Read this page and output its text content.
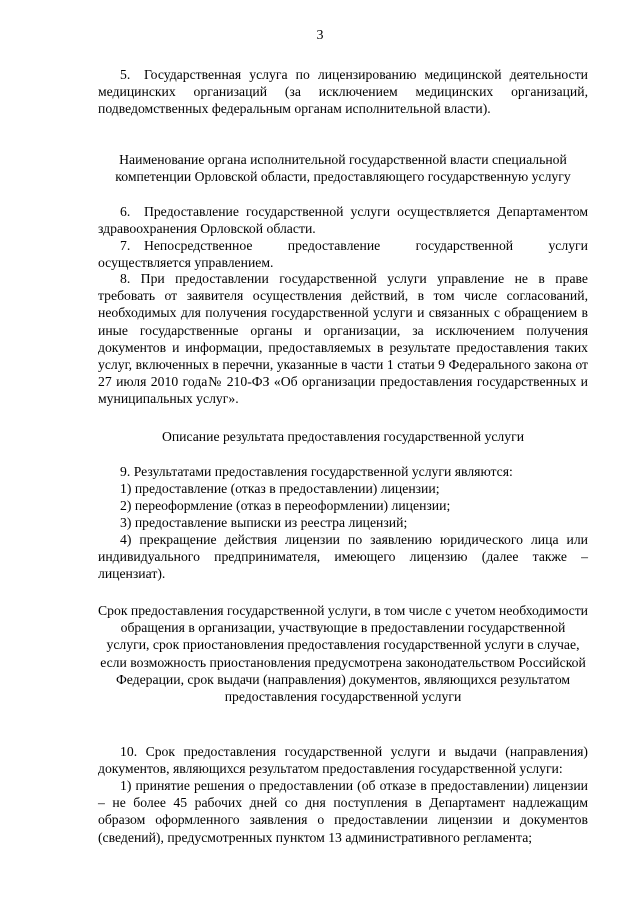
3
5. Государственная услуга по лицензированию медицинской деятельности медицинских организаций (за исключением медицинских организаций, подведомственных федеральным органам исполнительной власти).
Наименование органа исполнительной государственной власти специальной компетенции Орловской области, предоставляющего государственную услугу
6. Предоставление государственной услуги осуществляется Департаментом здравоохранения Орловской области.
7. Непосредственное предоставление государственной услуги осуществляется управлением.
8. При предоставлении государственной услуги управление не в праве требовать от заявителя осуществления действий, в том числе согласований, необходимых для получения государственной услуги и связанных с обращением в иные государственные органы и организации, за исключением получения документов и информации, предоставляемых в результате предоставления таких услуг, включенных в перечни, указанные в части 1 статьи 9 Федерального закона от 27 июля 2010 года№ 210-ФЗ «Об организации предоставления государственных и муниципальных услуг».
Описание результата предоставления государственной услуги
9. Результатами предоставления государственной услуги являются:
1) предоставление (отказ в предоставлении) лицензии;
2) переоформление (отказ в переоформлении) лицензии;
3) предоставление выписки из реестра лицензий;
4) прекращение действия лицензии по заявлению юридического лица или индивидуального предпринимателя, имеющего лицензию (далее также – лицензиат).
Срок предоставления государственной услуги, в том числе с учетом необходимости обращения в организации, участвующие в предоставлении государственной услуги, срок приостановления предоставления государственной услуги в случае, если возможность приостановления предусмотрена законодательством Российской Федерации, срок выдачи (направления) документов, являющихся результатом предоставления государственной услуги
10. Срок предоставления государственной услуги и выдачи (направления) документов, являющихся результатом предоставления государственной услуги:
1) принятие решения о предоставлении (об отказе в предоставлении) лицензии – не более 45 рабочих дней со дня поступления в Департамент надлежащим образом оформленного заявления о предоставлении лицензии и документов (сведений), предусмотренных пунктом 13 административного регламента;
